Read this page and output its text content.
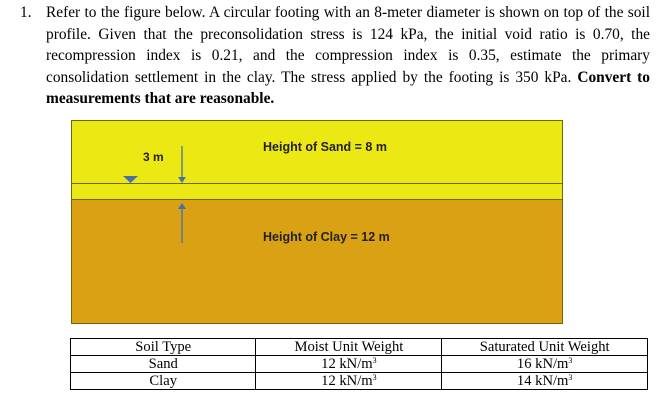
1. Refer to the figure below. A circular footing with an 8-meter diameter is shown on top of the soil profile. Given that the preconsolidation stress is 124 kPa, the initial void ratio is 0.70, the recompression index is 0.21, and the compression index is 0.35, estimate the primary consolidation settlement in the clay. The stress applied by the footing is 350 kPa. Convert to measurements that are reasonable.
Height of Sand = 8 m
Height of Clay = 12 m
3 m
Soil Type	Moist Unit Weight	Saturated Unit Weight
Sand	12 $kN/m^3$	16 $kN/m^3$
Clay	12 $kN/m^3$	14 $kN/m^3$
